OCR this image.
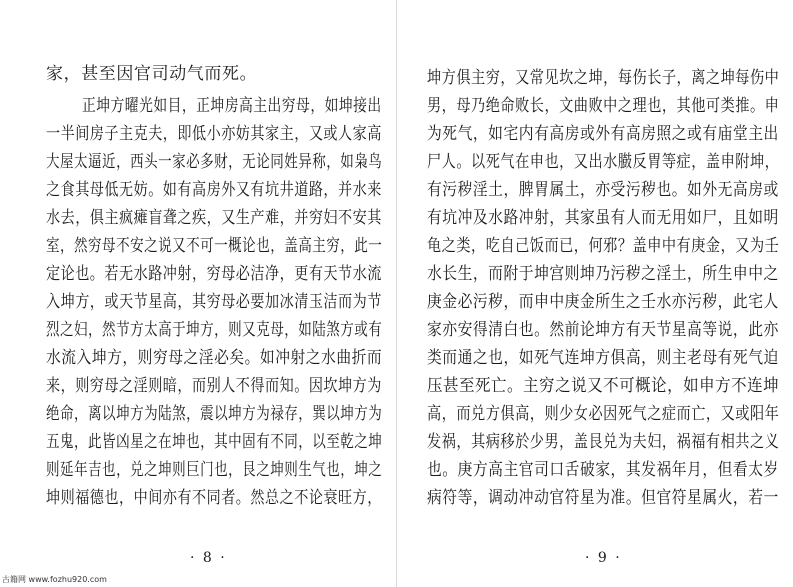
家，甚至因官司动气而死。
正坤方曜光如目，正坤房高主出穷母，如坤接出
一半间房子主克夫，即低小亦妨其家主，又或人家高
大屋太逼近，西头一家必多财，无论同姓异称，如枭鸟
之食其母低无妨。如有高房外又有坑井道路，并水来
水去，俱主疯瘫盲聋之疾，又生产难，并穷妇不安其
室，然穷母不安之说又不可一概论也，盖高主穷，此一
定论也。若无水路冲射，穷母必洁净，更有天节水流
入坤方，或天节星高，其穷母必要加冰清玉洁而为节
烈之妇，然节方太高于坤方，则又克母，如陆煞方或有
水流入坤方，则穷母之淫必矣。如冲射之水曲折而
来，则穷母之淫则暗，而别人不得而知。因坎坤方为
绝命，离以坤方为陆煞，震以坤方为禄存，巽以坤方为
五鬼，此皆凶星之在坤也，其中固有不同，以至乾之坤
则延年吉也，兑之坤则巨门也，艮之坤则生气也，坤之
坤则福德也，中间亦有不同者。然总之不论衰旺方，
· 8 ·
坤方俱主穷，又常见坎之坤，每伤长子，离之坤每伤中
男，母乃绝命败长，文曲败中之理也，其他可类推。申
为死气，如宅内有高房或外有高房照之或有庙堂主出
尸人。以死气在申也，又出水臌反胃等症，盖申附坤，
有污秽淫土，脾胃属土，亦受污秽也。如外无高房或
有坑冲及水路冲射，其家虽有人而无用如尸，且如明
龟之类，吃自己饭而已，何邪？盖申中有庚金，又为壬
水长生，而附于坤宫则坤乃污秽之淫土，所生申中之
庚金必污秽，而申中庚金所生之壬水亦污秽，此宅人
家亦安得清白也。然前论坤方有天节星高等说，此亦
类而通之也，如死气连坤方俱高，则主老母有死气迫
压甚至死亡。主穷之说又不可概论，如申方不连坤
高，而兑方俱高，则少女必因死气之症而亡，又或阳年
发祸，其病移於少男，盖艮兑为夫妇，祸福有相共之义
也。庚方高主官司口舌破家，其发祸年月，但看太岁
病符等，调动冲动官符星为准。但官符星属火，若一
· 9 ·
古籍网 www.fozhu920.com
